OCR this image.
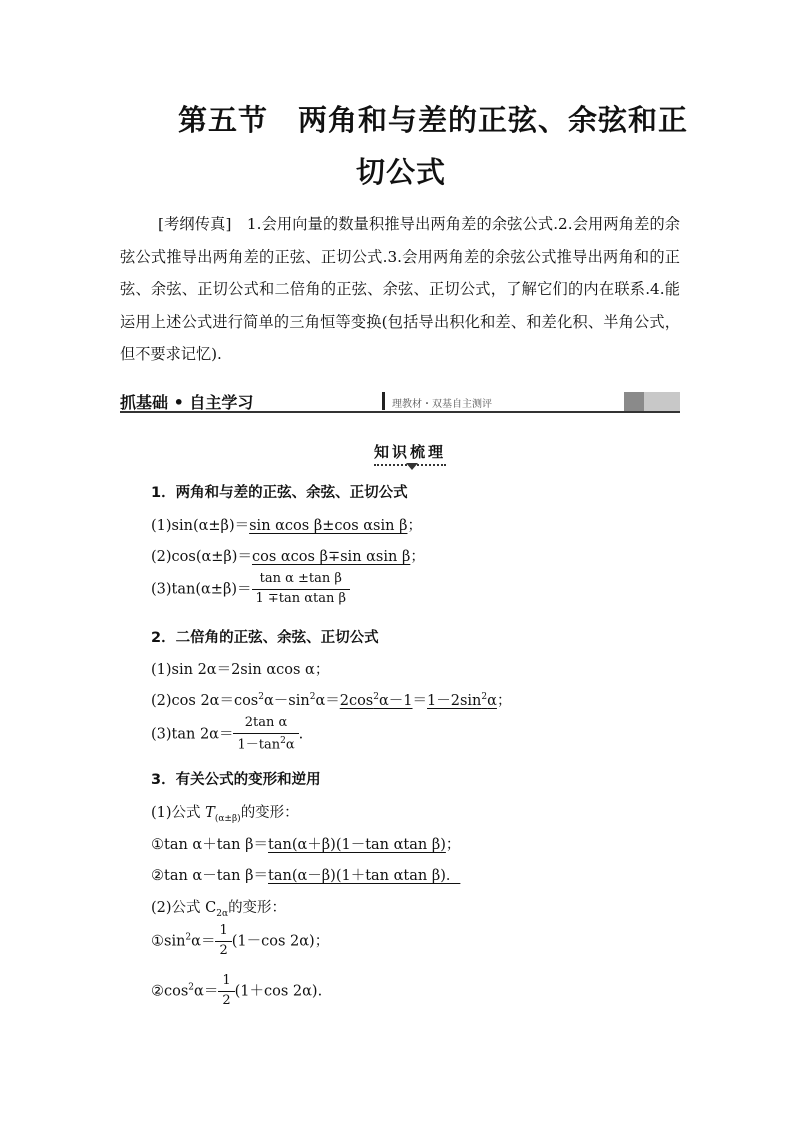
第五节　两角和与差的正弦、余弦和正
切公式
[考纲传真]　1.会用向量的数量积推导出两角差的余弦公式.2.会用两角差的余弦公式推导出两角差的正弦、正切公式.3.会用两角差的余弦公式推导出两角和的正弦、余弦、正切公式和二倍角的正弦、余弦、正切公式，了解它们的内在联系.4.能运用上述公式进行简单的三角恒等变换(包括导出积化和差、和差化积、半角公式，但不要求记忆).
抓基础 • 自主学习	理教材・双基自主测评
知识梳理
1．两角和与差的正弦、余弦、正切公式
(1)sin(α±β)＝sin αcos β±cos αsin β；
(2)cos(α±β)＝cos αcos β∓sin αsin β；
$(3)\tan(\alpha\pm\beta)= \frac{\text{tan α ±tan β}}{\text{1 ∓tan αtan β}}$
2．二倍角的正弦、余弦、正切公式
(1)sin 2α＝2sin αcos α；
(2)cos $2\alpha=\cos^2\alpha-\sin^2\alpha=2\cos^2\alpha-1=1-2\sin^2\alpha$；
(3)tan $2\alpha= \frac{\text{2tan α}}{1-\tan^2\alpha}$ .
3．有关公式的变形和逆用
(1)公式 $T_{(\alpha\pm\beta)}$的变形：
①tan α＋tan β＝tan(α＋β)(1－tan αtan β)；
②tan α－tan β＝tan(α－β)(1＋tan αtan β)．
(2)公式 $C_{2\alpha}$的变形：
$①\sin^2\alpha= \frac{1}{2} (1-\cos$ 2α)；
$②\cos^2\alpha= \frac{1}{2} (1+\cos$ 2α).
